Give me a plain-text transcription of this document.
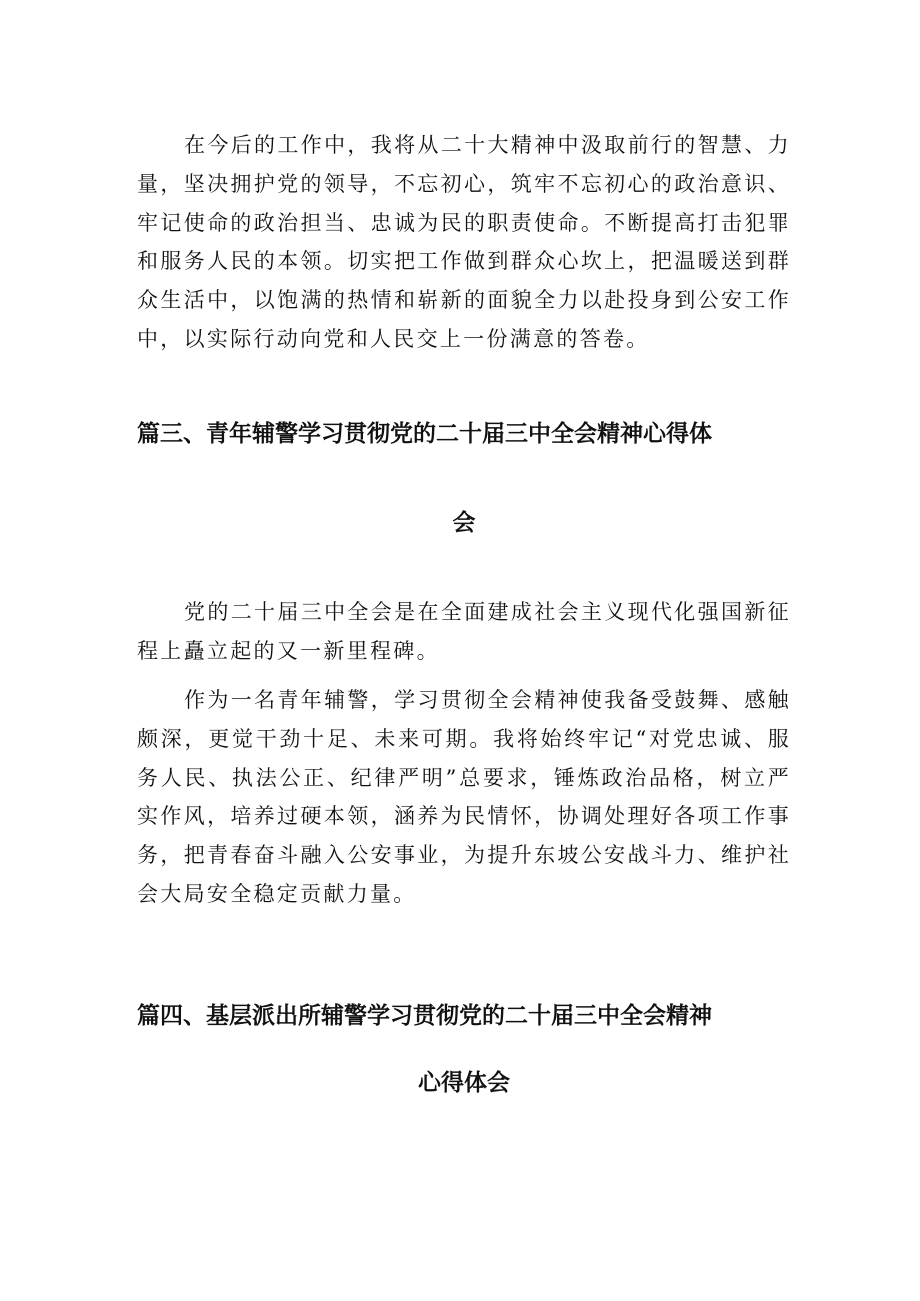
在今后的工作中，我将从二十大精神中汲取前行的智慧、力量，坚决拥护党的领导，不忘初心，筑牢不忘初心的政治意识、牢记使命的政治担当、忠诚为民的职责使命。不断提高打击犯罪和服务人民的本领。切实把工作做到群众心坎上，把温暖送到群众生活中，以饱满的热情和崭新的面貌全力以赴投身到公安工作中，以实际行动向党和人民交上一份满意的答卷。

篇三、青年辅警学习贯彻党的二十届三中全会精神心得体
会

党的二十届三中全会是在全面建成社会主义现代化强国新征程上矗立起的又一新里程碑。

作为一名青年辅警，学习贯彻全会精神使我备受鼓舞、感触颇深，更觉干劲十足、未来可期。我将始终牢记“对党忠诚、服务人民、执法公正、纪律严明”总要求，锤炼政治品格，树立严实作风，培养过硬本领，涵养为民情怀，协调处理好各项工作事务，把青春奋斗融入公安事业，为提升东坡公安战斗力、维护社会大局安全稳定贡献力量。

篇四、基层派出所辅警学习贯彻党的二十届三中全会精神
心得体会
